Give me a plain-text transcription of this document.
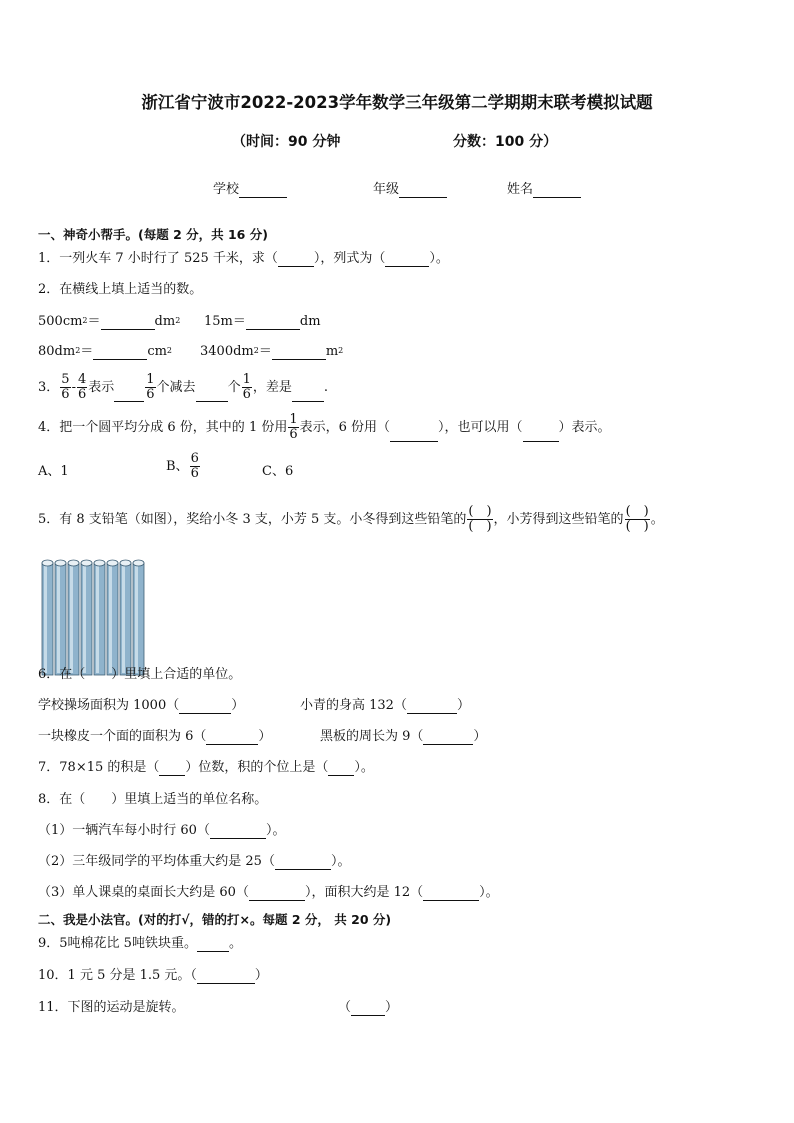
浙江省宁波市2022-2023学年数学三年级第二学期期末联考模拟试题
（时间：90 分钟	分数：100 分）
学校	年级	姓名
一、神奇小帮手。(每题 2 分，共 16 分)
1．一列火车 7 小时行了 525 千米，求（	），列式为（	）。
2．在横线上填上适当的数。
$500cm^2=$	$dm^2$ 15m＝	dm
$80dm^2=$	$cm^2$ $3400dm^2=$	$m^2$
3． $\frac{5}{6} - \frac{4}{6}$ 表示 $\frac{1}{6}$ 个减去 个 $\frac{1}{6}$ ，差是 .
4．把一个圆平均分成 6 份，其中的 1 份用 $\frac{1}{6}$ 表示，6 份用（	），也可以用（	）表示。
A、1	B、 $\frac{6}{6}$	C、6
5．有 8 支铅笔（如图），奖给小冬 3 支，小芳 5 支。小冬得到这些铅笔的 $\frac{( )}{( )}$ ，小芳得到这些铅笔的 $\frac{( )}{( )}$ 。
6．在（　　）里填上合适的单位。
学校操场面积为 1000（	）	小青的身高 132（	）
一块橡皮一个面的面积为 6（	）	黑板的周长为 9（	）
7．78×15 的积是（ ）位数，积的个位上是（ ）。
8．在（　　）里填上适当的单位名称。
（1）一辆汽车每小时行 60（	）。
（2）三年级同学的平均体重大约是 25（	）。
（3）单人课桌的桌面长大约是 60（	），面积大约是 12（	）。
二、我是小法官。(对的打√，错的打×。每题 2 分， 共 20 分)
9．5吨棉花比 5吨铁块重。 。
10．1 元 5 分是 1.5 元。（	）
11．下图的运动是旋转。	（	）
